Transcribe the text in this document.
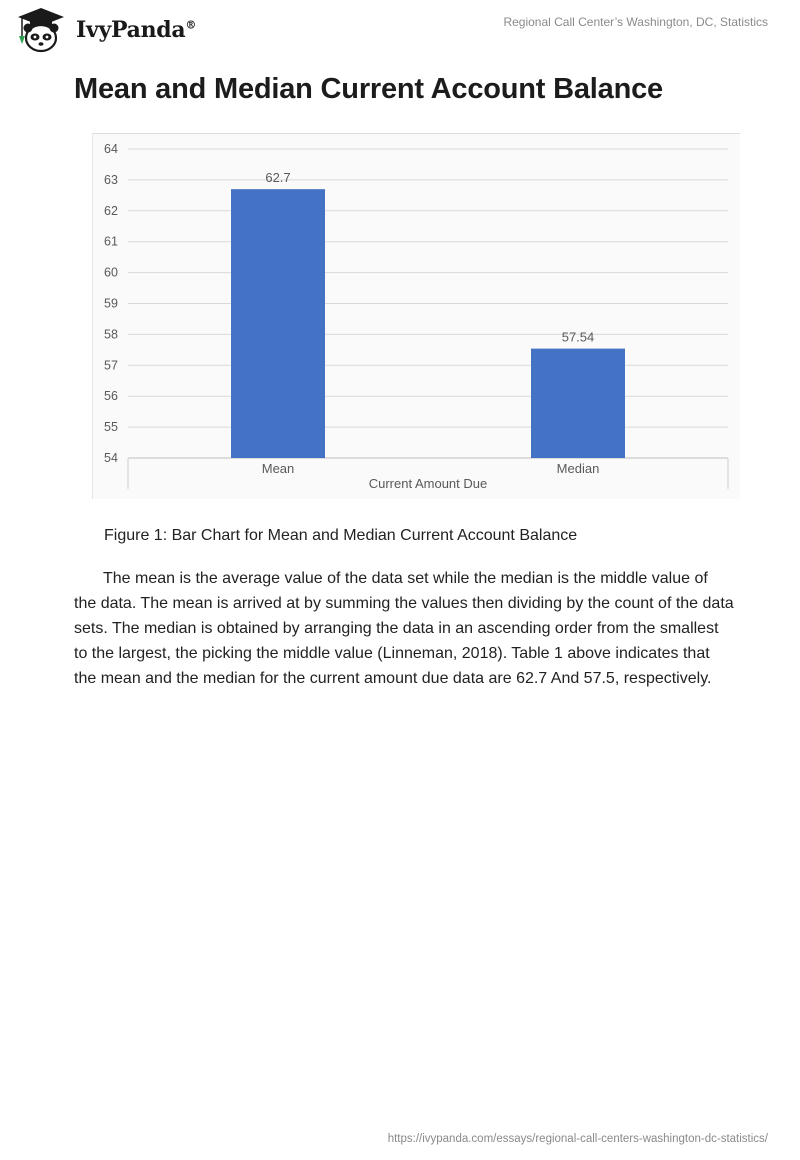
IvyPanda®	Regional Call Center’s Washington, DC, Statistics
Mean and Median Current Account Balance
54
55
56
57
58
59
60
61
62
63
64
62.7
Mean
57.54
Median
Current Amount Due
Figure 1: Bar Chart for Mean and Median Current Account Balance

The mean is the average value of the data set while the median is the middle value of the data. The mean is arrived at by summing the values then dividing by the count of the data sets. The median is obtained by arranging the data in an ascending order from the smallest to the largest, the picking the middle value (Linneman, 2018). Table 1 above indicates that the mean and the median for the current amount due data are 62.7 And 57.5, respectively.

https://ivypanda.com/essays/regional-call-centers-washington-dc-statistics/
